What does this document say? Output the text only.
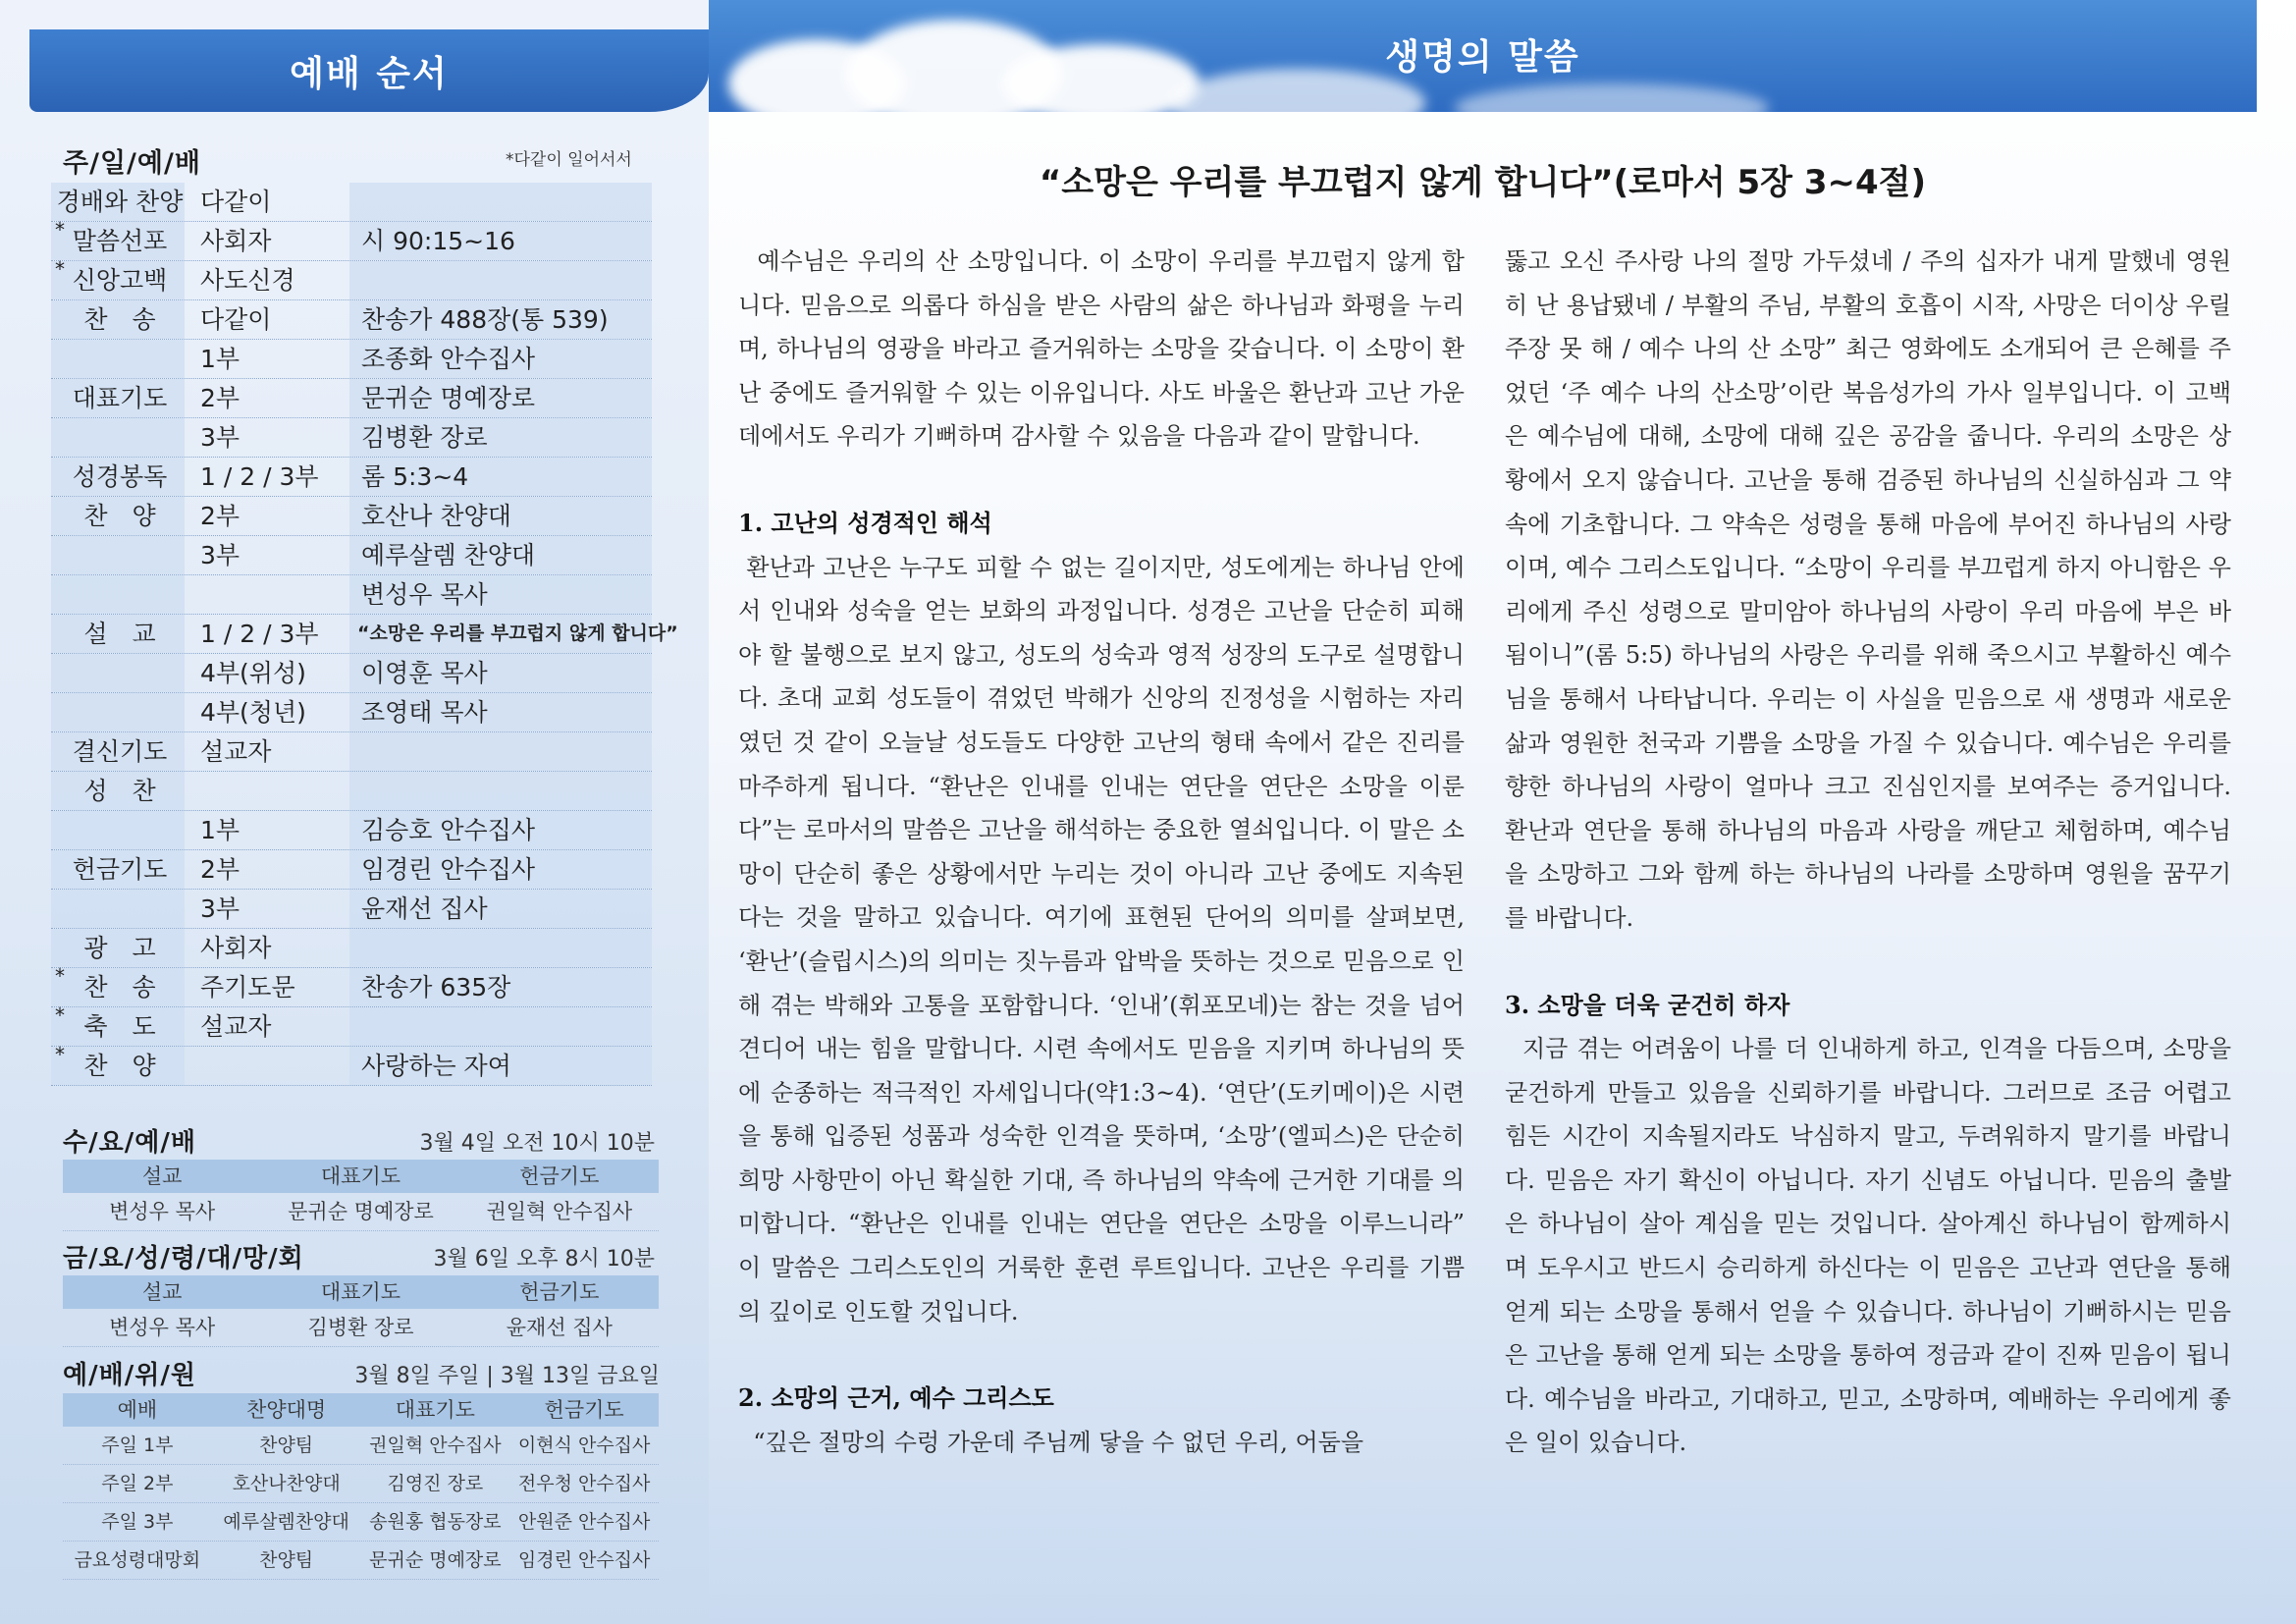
예배 순서
주/일/예/배	*다같이 일어서서
경배와 찬양 다같이
* 말씀선포	사회자	시 90:15~16
* 신앙고백	사도신경
찬　송	다같이	찬송가 488장(통 539)
1부	조종화 안수집사
대표기도	2부	문귀순 명예장로
3부	김병환 장로
성경봉독	1 / 2 / 3부	롬 5:3~4
찬　양	2부	호산나 찬양대
3부	예루살렘 찬양대
변성우 목사
설　교	1 / 2 / 3부	“소망은 우리를 부끄럽지 않게 합니다”
4부(위성)	이영훈 목사
4부(청년)	조영태 목사
결신기도	설교자
성　찬
1부	김승호 안수집사
헌금기도	2부	임경린 안수집사
3부	윤재선 집사
광　고	사회자
* 찬　송	주기도문	찬송가 635장
* 축　도	설교자
* 찬　양	사랑하는 자여
수/요/예/배	3월 4일 오전 10시 10분
설교	대표기도	헌금기도
변성우 목사	문귀순 명예장로	권일혁 안수집사
금/요/성/령/대/망/회	3월 6일 오후 8시 10분
설교	대표기도	헌금기도
변성우 목사	김병환 장로	윤재선 집사
예/배/위/원	3월 8일 주일 | 3월 13일 금요일
예배	찬양대명	대표기도	헌금기도
주일 1부	찬양팀	권일혁 안수집사 이현식 안수집사
주일 2부	호산나찬양대	김영진 장로	전우청 안수집사
주일 3부	예루살렘찬양대	송원홍 협동장로 안원준 안수집사
금요성령대망회	찬양팀	문귀순 명예장로 임경린 안수집사
생명의 말씀
“소망은 우리를 부끄럽지 않게 합니다”(로마서 5장 3~4절)

예수님은 우리의 산 소망입니다. 이 소망이 우리를 부끄럽지 않게 합니다. 믿음으로 의롭다 하심을 받은 사람의 삶은 하나님과 화평을 누리며, 하나님의 영광을 바라고 즐거워하는 소망을 갖습니다. 이 소망이 환난 중에도 즐거워할 수 있는 이유입니다. 사도 바울은 환난과 고난 가운데에서도 우리가 기뻐하며 감사할 수 있음을 다음과 같이 말합니다.

1. 고난의 성경적인 해석

환난과 고난은 누구도 피할 수 없는 길이지만, 성도에게는 하나님 안에서 인내와 성숙을 얻는 보화의 과정입니다. 성경은 고난을 단순히 피해야 할 불행으로 보지 않고, 성도의 성숙과 영적 성장의 도구로 설명합니다. 초대 교회 성도들이 겪었던 박해가 신앙의 진정성을 시험하는 자리였던 것 같이 오늘날 성도들도 다양한 고난의 형태 속에서 같은 진리를 마주하게 됩니다. “환난은 인내를 인내는 연단을 연단은 소망을 이룬다”는 로마서의 말씀은 고난을 해석하는 중요한 열쇠입니다. 이 말은 소망이 단순히 좋은 상황에서만 누리는 것이 아니라 고난 중에도 지속된다는 것을 말하고 있습니다. 여기에 표현된 단어의 의미를 살펴보면, ‘환난’(슬립시스)의 의미는 짓누름과 압박을 뜻하는 것으로 믿음으로 인해 겪는 박해와 고통을 포함합니다. ‘인내’(휘포모네)는 참는 것을 넘어 견디어 내는 힘을 말합니다. 시련 속에서도 믿음을 지키며 하나님의 뜻에 순종하는 적극적인 자세입니다(약1:3~4). ‘연단’(도키메이)은 시련을 통해 입증된 성품과 성숙한 인격을 뜻하며, ‘소망’(엘피스)은 단순히 희망 사항만이 아닌 확실한 기대, 즉 하나님의 약속에 근거한 기대를 의미합니다. “환난은 인내를 인내는 연단을 연단은 소망을 이루느니라” 이 말씀은 그리스도인의 거룩한 훈련 루트입니다. 고난은 우리를 기쁨의 깊이로 인도할 것입니다.

2. 소망의 근거, 예수 그리스도

“깊은 절망의 수렁 가운데 주님께 닿을 수 없던 우리, 어둠을

뚫고 오신 주사랑 나의 절망 가두셨네 / 주의 십자가 내게 말했네 영원히 난 용납됐네 / 부활의 주님, 부활의 호흡이 시작, 사망은 더이상 우릴 주장 못 해 / 예수 나의 산 소망” 최근 영화에도 소개되어 큰 은혜를 주었던 ‘주 예수 나의 산소망’이란 복음성가의 가사 일부입니다. 이 고백은 예수님에 대해, 소망에 대해 깊은 공감을 줍니다. 우리의 소망은 상황에서 오지 않습니다. 고난을 통해 검증된 하나님의 신실하심과 그 약속에 기초합니다. 그 약속은 성령을 통해 마음에 부어진 하나님의 사랑이며, 예수 그리스도입니다. “소망이 우리를 부끄럽게 하지 아니함은 우리에게 주신 성령으로 말미암아 하나님의 사랑이 우리 마음에 부은 바 됨이니”(롬 5:5) 하나님의 사랑은 우리를 위해 죽으시고 부활하신 예수님을 통해서 나타납니다. 우리는 이 사실을 믿음으로 새 생명과 새로운 삶과 영원한 천국과 기쁨을 소망을 가질 수 있습니다. 예수님은 우리를 향한 하나님의 사랑이 얼마나 크고 진심인지를 보여주는 증거입니다. 환난과 연단을 통해 하나님의 마음과 사랑을 깨닫고 체험하며, 예수님을 소망하고 그와 함께 하는 하나님의 나라를 소망하며 영원을 꿈꾸기를 바랍니다.

3. 소망을 더욱 굳건히 하자

지금 겪는 어려움이 나를 더 인내하게 하고, 인격을 다듬으며, 소망을 굳건하게 만들고 있음을 신뢰하기를 바랍니다. 그러므로 조금 어렵고 힘든 시간이 지속될지라도 낙심하지 말고, 두려워하지 말기를 바랍니다. 믿음은 자기 확신이 아닙니다. 자기 신념도 아닙니다. 믿음의 출발은 하나님이 살아 계심을 믿는 것입니다. 살아계신 하나님이 함께하시며 도우시고 반드시 승리하게 하신다는 이 믿음은 고난과 연단을 통해 얻게 되는 소망을 통해서 얻을 수 있습니다. 하나님이 기뻐하시는 믿음은 고난을 통해 얻게 되는 소망을 통하여 정금과 같이 진짜 믿음이 됩니다. 예수님을 바라고, 기대하고, 믿고, 소망하며, 예배하는 우리에게 좋은 일이 있습니다.
